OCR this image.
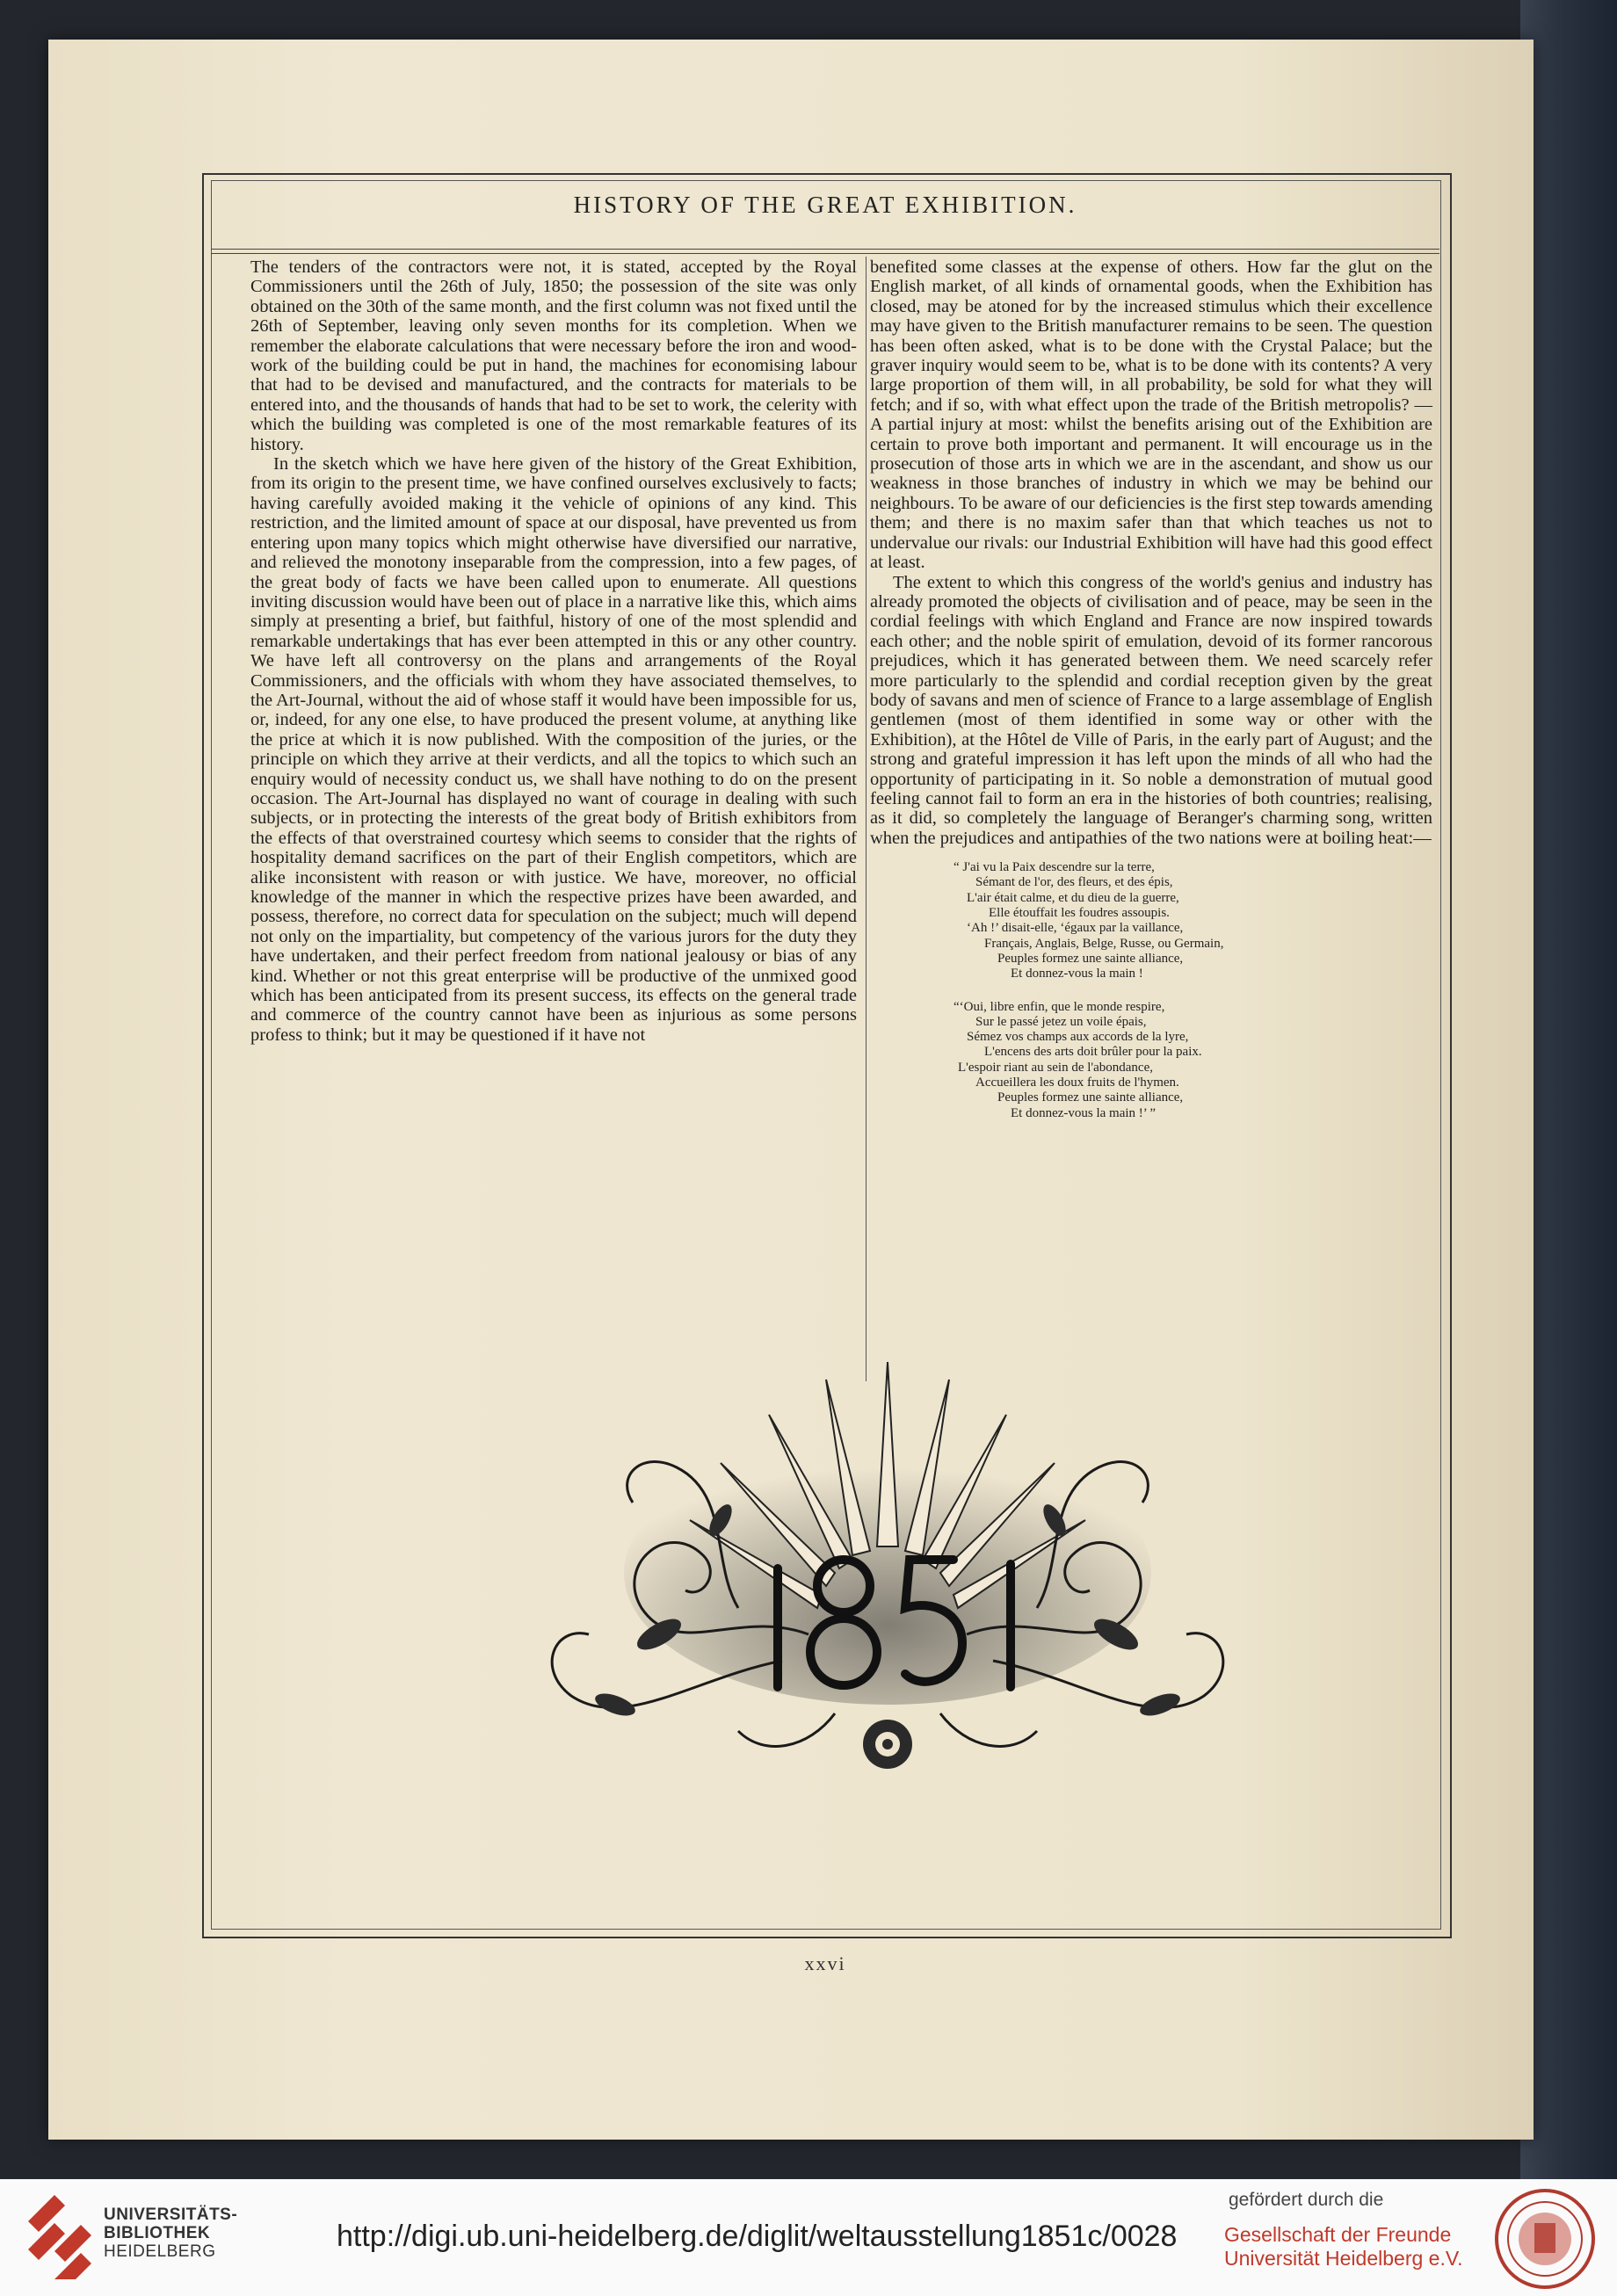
HISTORY OF THE GREAT EXHIBITION.

The tenders of the contractors were not, it is stated, accepted by the Royal Commissioners until the 26th of July, 1850; the possession of the site was only obtained on the 30th of the same month, and the first column was not fixed until the 26th of September, leaving only seven months for its completion. When we remember the elaborate calculations that were necessary before the iron and wood-work of the building could be put in hand, the machines for economising labour that had to be devised and manufactured, and the contracts for materials to be entered into, and the thousands of hands that had to be set to work, the celerity with which the building was completed is one of the most remarkable features of its history.

In the sketch which we have here given of the history of the Great Exhibition, from its origin to the present time, we have confined ourselves exclusively to facts; having carefully avoided making it the vehicle of opinions of any kind. This restriction, and the limited amount of space at our disposal, have prevented us from entering upon many topics which might otherwise have diversified our narrative, and relieved the monotony inseparable from the compression, into a few pages, of the great body of facts we have been called upon to enumerate. All questions inviting discussion would have been out of place in a narrative like this, which aims simply at presenting a brief, but faithful, history of one of the most splendid and remarkable undertakings that has ever been attempted in this or any other country. We have left all controversy on the plans and arrangements of the Royal Commissioners, and the officials with whom they have associated themselves, to the Art-Journal, without the aid of whose staff it would have been impossible for us, or, indeed, for any one else, to have produced the present volume, at anything like the price at which it is now published. With the composition of the juries, or the principle on which they arrive at their verdicts, and all the topics to which such an enquiry would of necessity conduct us, we shall have nothing to do on the present occasion. The Art-Journal has displayed no want of courage in dealing with such subjects, or in protecting the interests of the great body of British exhibitors from the effects of that overstrained courtesy which seems to consider that the rights of hospitality demand sacrifices on the part of their English competitors, which are alike inconsistent with reason or with justice. We have, moreover, no official knowledge of the manner in which the respective prizes have been awarded, and possess, therefore, no correct data for speculation on the subject; much will depend not only on the impartiality, but competency of the various jurors for the duty they have undertaken, and their perfect freedom from national jealousy or bias of any kind. Whether or not this great enterprise will be productive of the unmixed good which has been anticipated from its present success, its effects on the general trade and commerce of the country cannot have been as injurious as some persons profess to think; but it may be questioned if it have not

benefited some classes at the expense of others. How far the glut on the English market, of all kinds of ornamental goods, when the Exhibition has closed, may be atoned for by the increased stimulus which their excellence may have given to the British manufacturer remains to be seen. The question has been often asked, what is to be done with the Crystal Palace; but the graver inquiry would seem to be, what is to be done with its contents? A very large proportion of them will, in all probability, be sold for what they will fetch; and if so, with what effect upon the trade of the British metropolis? —A partial injury at most: whilst the benefits arising out of the Exhibition are certain to prove both important and permanent. It will encourage us in the prosecution of those arts in which we are in the ascendant, and show us our weakness in those branches of industry in which we may be behind our neighbours. To be aware of our deficiencies is the first step towards amending them; and there is no maxim safer than that which teaches us not to undervalue our rivals: our Industrial Exhibition will have had this good effect at least.

The extent to which this congress of the world's genius and industry has already promoted the objects of civilisation and of peace, may be seen in the cordial feelings with which England and France are now inspired towards each other; and the noble spirit of emulation, devoid of its former rancorous prejudices, which it has generated between them. We need scarcely refer more particularly to the splendid and cordial reception given by the great body of savans and men of science of France to a large assemblage of English gentlemen (most of them identified in some way or other with the Exhibition), at the Hôtel de Ville of Paris, in the early part of August; and the strong and grateful impression it has left upon the minds of all who had the opportunity of participating in it. So noble a demonstration of mutual good feeling cannot fail to form an era in the histories of both countries; realising, as it did, so completely the language of Beranger's charming song, written when the prejudices and antipathies of the two nations were at boiling heat:—

“ J'ai vu la Paix descendre sur la terre,
Sémant de l'or, des fleurs, et des épis,
L'air était calme, et du dieu de la guerre,
Elle étouffait les foudres assoupis.
‘Ah !’ disait-elle, ‘égaux par la vaillance,
Français, Anglais, Belge, Russe, ou Germain,
Peuples formez une sainte alliance,
Et donnez-vous la main !
“‘Oui, libre enfin, que le monde respire,
Sur le passé jetez un voile épais,
Sémez vos champs aux accords de la lyre,
L'encens des arts doit brûler pour la paix.
L'espoir riant au sein de l'abondance,
Accueillera les doux fruits de l'hymen.
Peuples formez une sainte alliance,
Et donnez-vous la main !’ ”
xxvi
UNIVERSITÄTS-
BIBLIOTHEK
HEIDELBERG	http://digi.ub.uni-heidelberg.de/diglit/weltausstellung1851c/0028
gefördert durch die
Gesellschaft der Freunde
Universität Heidelberg e.V.
